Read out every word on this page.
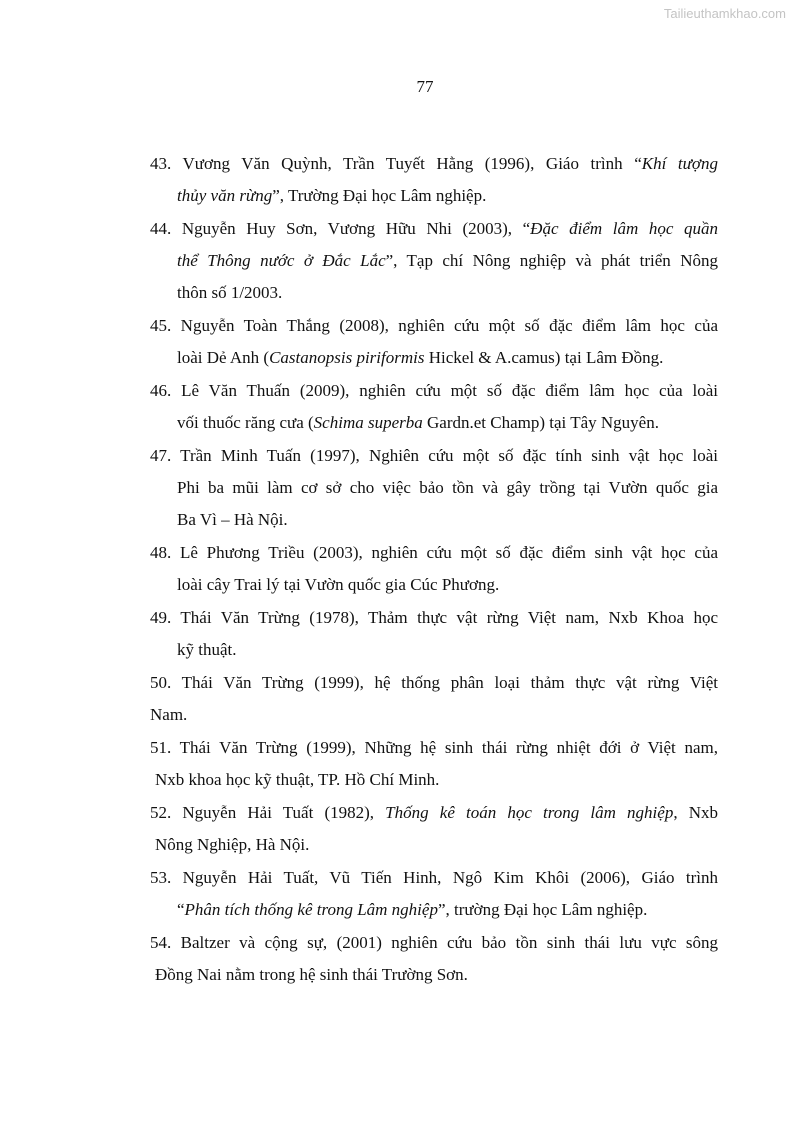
Tailieuthamkhao.com
77
43. Vương Văn Quỳnh, Trần Tuyết Hằng (1996), Giáo trình “Khí tượng
thủy văn rừng”, Trường Đại học Lâm nghiệp.
44. Nguyễn Huy Sơn, Vương Hữu Nhi (2003), “Đặc điểm lâm học quần
thể Thông nước ở Đắc Lắc”, Tạp chí Nông nghiệp và phát triển Nông
thôn số 1/2003.
45. Nguyễn Toàn Thắng (2008), nghiên cứu một số đặc điểm lâm học của
loài Dẻ Anh (Castanopsis piriformis Hickel & A.camus) tại Lâm Đồng.
46. Lê Văn Thuấn (2009), nghiên cứu một số đặc điểm lâm học của loài
vối thuốc răng cưa (Schima superba Gardn.et Champ) tại Tây Nguyên.
47. Trần Minh Tuấn (1997), Nghiên cứu một số đặc tính sinh vật học loài
Phi ba mũi làm cơ sở cho việc bảo tồn và gây trồng tại Vườn quốc gia
Ba Vì – Hà Nội.
48. Lê Phương Triều (2003), nghiên cứu một số đặc điểm sinh vật học của
loài cây Trai lý tại Vườn quốc gia Cúc Phương.
49. Thái Văn Trừng (1978), Thảm thực vật rừng Việt nam, Nxb Khoa học
kỹ thuật.
50. Thái Văn Trừng (1999), hệ thống phân loại thảm thực vật rừng Việt
Nam.
51. Thái Văn Trừng (1999), Những hệ sinh thái rừng nhiệt đới ở Việt nam,
Nxb khoa học kỹ thuật, TP. Hồ Chí Minh.
52. Nguyễn Hải Tuất (1982), Thống kê toán học trong lâm nghiệp, Nxb
Nông Nghiệp, Hà Nội.
53. Nguyễn Hải Tuất, Vũ Tiến Hinh, Ngô Kim Khôi (2006), Giáo trình
“Phân tích thống kê trong Lâm nghiệp”, trường Đại học Lâm nghiệp.
54. Baltzer và cộng sự, (2001) nghiên cứu bảo tồn sinh thái lưu vực sông
Đồng Nai nằm trong hệ sinh thái Trường Sơn.
